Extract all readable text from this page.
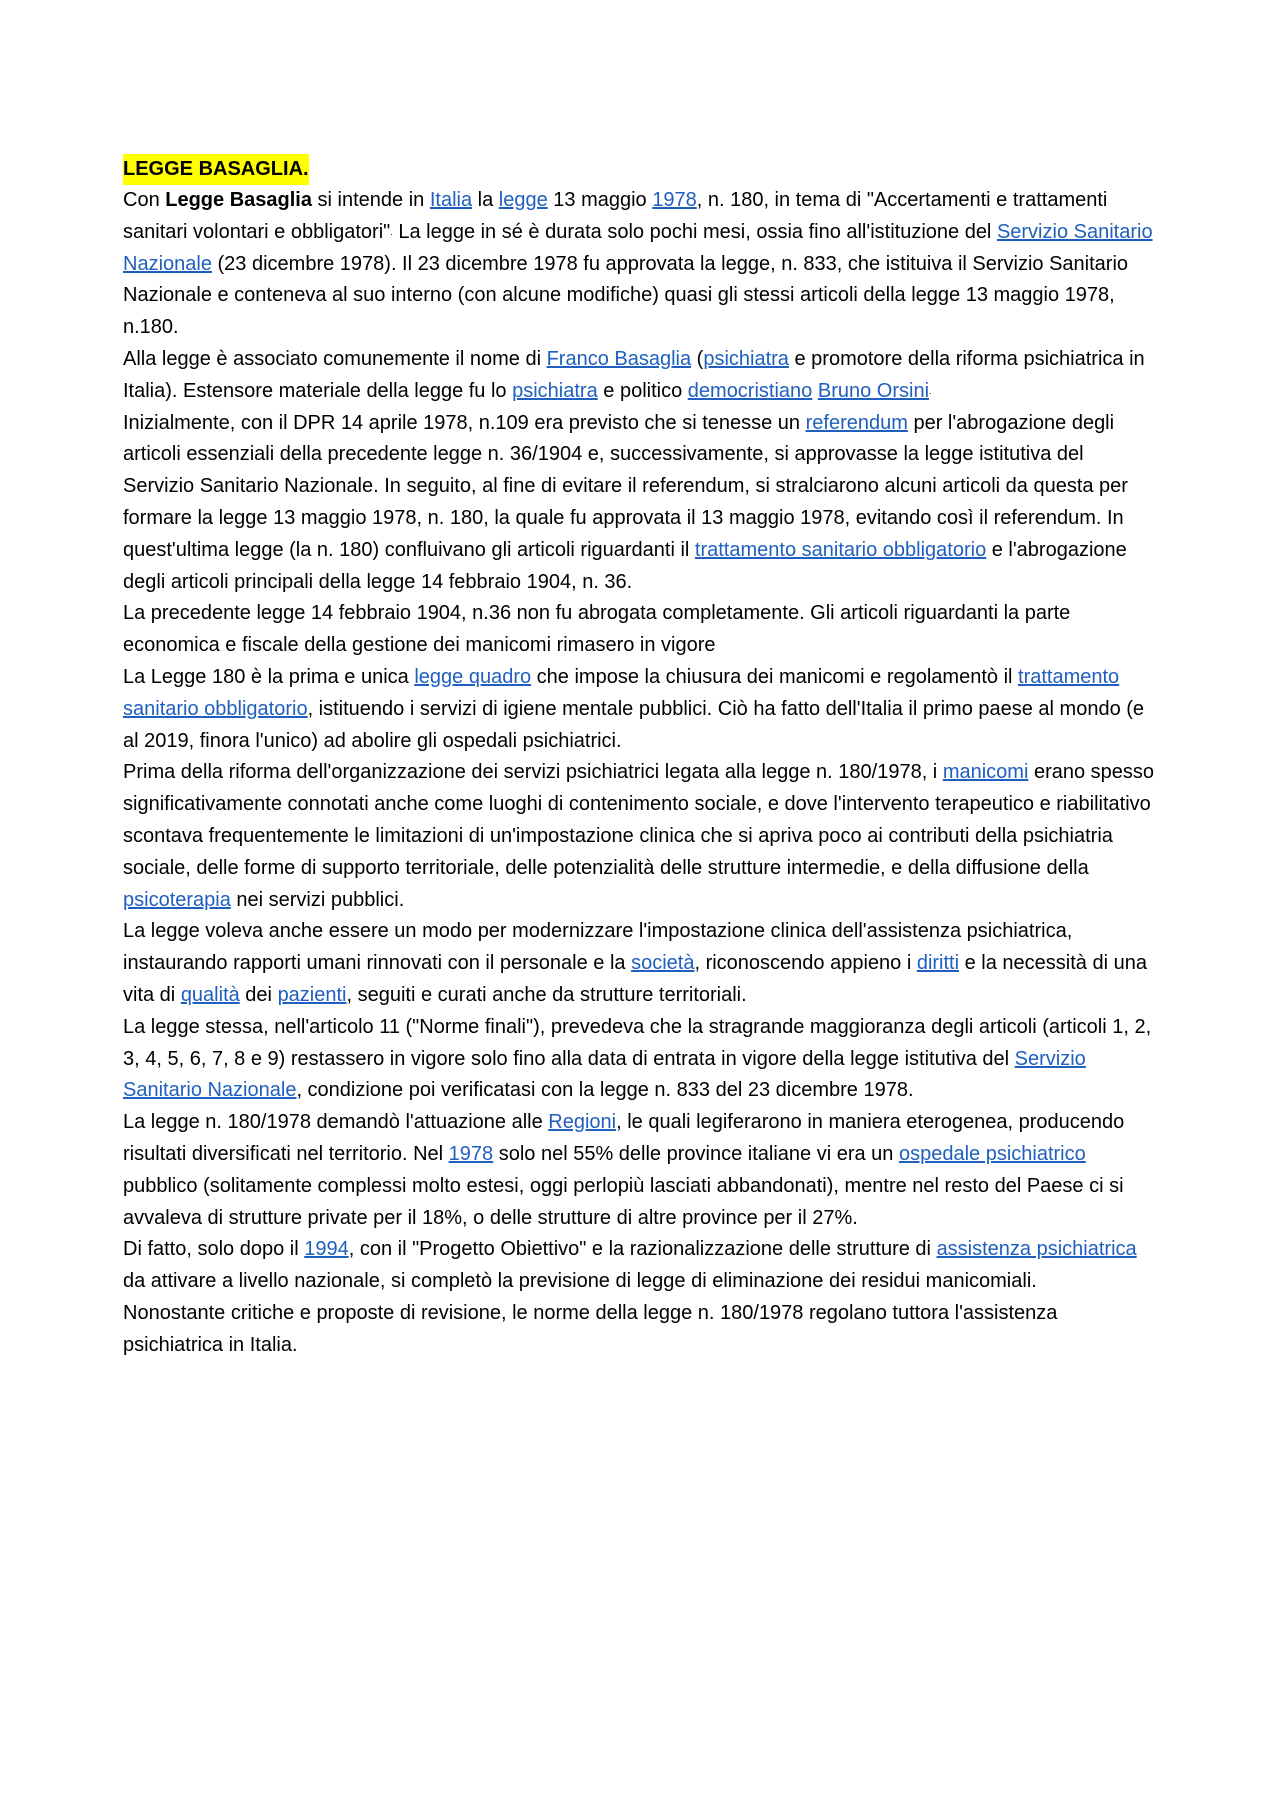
LEGGE BASAGLIA.

Con Legge Basaglia si intende in Italia la legge 13 maggio 1978, n. 180, in tema di "Accertamenti e trattamenti sanitari volontari e obbligatori". La legge in sé è durata solo pochi mesi, ossia fino all'istituzione del Servizio Sanitario Nazionale (23 dicembre 1978). Il 23 dicembre 1978 fu approvata la legge, n. 833, che istituiva il Servizio Sanitario Nazionale e conteneva al suo interno (con alcune modifiche) quasi gli stessi articoli della legge 13 maggio 1978, n.180.

Alla legge è associato comunemente il nome di Franco Basaglia (psichiatra e promotore della riforma psichiatrica in Italia). Estensore materiale della legge fu lo psichiatra e politico democristiano Bruno Orsini.

Inizialmente, con il DPR 14 aprile 1978, n.109 era previsto che si tenesse un referendum per l'abrogazione degli articoli essenziali della precedente legge n. 36/1904 e, successivamente, si approvasse la legge istitutiva del Servizio Sanitario Nazionale. In seguito, al fine di evitare il referendum, si stralciarono alcuni articoli da questa per formare la legge 13 maggio 1978, n. 180, la quale fu approvata il 13 maggio 1978, evitando così il referendum. In quest'ultima legge (la n. 180) confluivano gli articoli riguardanti il trattamento sanitario obbligatorio e l'abrogazione degli articoli principali della legge 14 febbraio 1904, n. 36.

La precedente legge 14 febbraio 1904, n.36 non fu abrogata completamente. Gli articoli riguardanti la parte economica e fiscale della gestione dei manicomi rimasero in vigore

La Legge 180 è la prima e unica legge quadro che impose la chiusura dei manicomi e regolamentò il trattamento sanitario obbligatorio, istituendo i servizi di igiene mentale pubblici. Ciò ha fatto dell'Italia il primo paese al mondo (e al 2019, finora l'unico) ad abolire gli ospedali psichiatrici.

Prima della riforma dell'organizzazione dei servizi psichiatrici legata alla legge n. 180/1978, i manicomi erano spesso significativamente connotati anche come luoghi di contenimento sociale, e dove l'intervento terapeutico e riabilitativo scontava frequentemente le limitazioni di un'impostazione clinica che si apriva poco ai contributi della psichiatria sociale, delle forme di supporto territoriale, delle potenzialità delle strutture intermedie, e della diffusione della psicoterapia nei servizi pubblici.

La legge voleva anche essere un modo per modernizzare l'impostazione clinica dell'assistenza psichiatrica, instaurando rapporti umani rinnovati con il personale e la società, riconoscendo appieno i diritti e la necessità di una vita di qualità dei pazienti, seguiti e curati anche da strutture territoriali.

La legge stessa, nell'articolo 11 ("Norme finali"), prevedeva che la stragrande maggioranza degli articoli (articoli 1, 2, 3, 4, 5, 6, 7, 8 e 9) restassero in vigore solo fino alla data di entrata in vigore della legge istitutiva del Servizio Sanitario Nazionale, condizione poi verificatasi con la legge n. 833 del 23 dicembre 1978.

La legge n. 180/1978 demandò l'attuazione alle Regioni, le quali legiferarono in maniera eterogenea, producendo risultati diversificati nel territorio. Nel 1978 solo nel 55% delle province italiane vi era un ospedale psichiatrico pubblico (solitamente complessi molto estesi, oggi perlopiù lasciati abbandonati), mentre nel resto del Paese ci si avvaleva di strutture private per il 18%, o delle strutture di altre province per il 27%.

Di fatto, solo dopo il 1994, con il "Progetto Obiettivo" e la razionalizzazione delle strutture di assistenza psichiatrica da attivare a livello nazionale, si completò la previsione di legge di eliminazione dei residui manicomiali.

Nonostante critiche e proposte di revisione, le norme della legge n. 180/1978 regolano tuttora l'assistenza psichiatrica in Italia.
